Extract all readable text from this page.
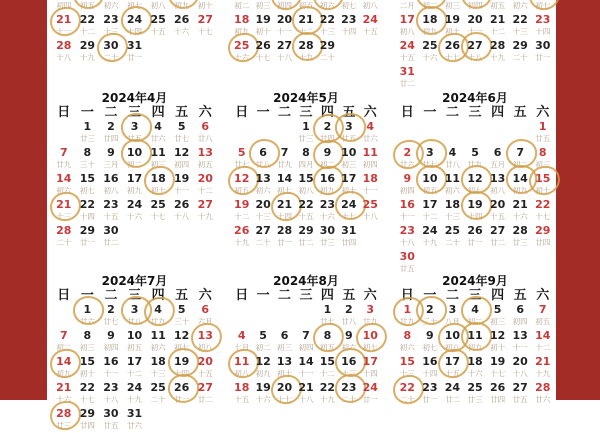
初四 初五 初六 初七 初八 初九 初十
21
十一
22
十二
23
十三
24
十四
25
十五
26
十六
27
十七
28
十八
29
十九
30
二十
31
廿一
初二 初三 初四 初五 初六 初七 初八
18
初九
19
初十
20
十一
21
十二
22
十三
23
十四
24
十五
25
十六
26
十七
27
十八
28
十九
29
二十
二月 初二 初三 初四 初五 初六 初七
17
初八
18
初九
19
初十
20
十一
21
十二
22
十三
23
十四
24
十五
25
十六
26
十七
27
十八
28
十九
29
二十
30
廿一
31
廿二
2024年4月
日 一 二 三 四 五 六
1
廿三
2
廿四
3
廿五
4
廿六
5
廿七
6
廿八
7
廿九
8
三十
9
三月
10
初二
11
初三
12
初四
13
初五
14
初六
15
初七
16
初八
17
初九
18
初十
19
十一
20
十二
21
十三
22
十四
23
十五
24
十六
25
十七
26
十八
27
十九
28
二十
29
廿一
30
廿二
2024年5月
日 一 二 三 四 五 六
1
廿三
2
廿四
3
廿五
4
廿六
5
廿七
6
廿八
7
廿九
8
四月
9
初二
10
初三
11
初四
12
初五
13
初六
14
初七
15
初八
16
初九
17
初十
18
十一
19
十二
20
十三
21
十四
22
十五
23
十六
24
十七
25
十八
26
十九
27
二十
28
廿一
29
廿二
30
廿三
31
廿四
2024年6月
日 一 二 三 四 五 六
1
廿五
2
廿六
3
廿七
4
廿八
5
廿九
6
五月
7
初二
8
初三
9
初四
10
初五
11
初六
12
初七
13
初八
14
初九
15
初十
16
十一
17
十二
18
十三
19
十四
20
十五
21
十六
22
十七
23
十八
24
十九
25
二十
26
廿一
27
廿二
28
廿三
29
廿四
30
廿五
2024年7月
日 一 二 三 四 五 六
1
廿六
2
廿七
3
廿八
4
廿九
5
三十
6
六月
7
初二
8
初三
9
初四
10
初五
11
初六
12
初七
13
初八
14
初九
15
初十
16
十一
17
十二
18
十三
19
十四
20
十五
21
十六
22
十七
23
十八
24
十九
25
二十
26
廿一
27
廿二
28
廿三
29
廿四
30
廿五
31
廿六
2024年8月
日 一 二 三 四 五 六
1
廿七
2
廿八
3
廿九
4
七月
5
初二
6
初三
7
初四
8
初五
9
初六
10
初七
11
初八
12
初九
13
初十
14
十一
15
十二
16
十三
17
十四
18
十五
19
十六
20
十七
21
十八
22
十九
23
二十
24
廿一
2024年9月
日 一 二 三 四 五 六
1
廿九
2
三十
3
八月
4
初二
5
初三
6
初四
7
初五
8
初六
9
初七
10
初八
11
初九
12
初十
13
十一
14
十二
15
十三
16
十四
17
十五
18
十六
19
十七
20
十八
21
十九
22
二十
23
廿一
24
廿二
25
廿三
26
廿四
27
廿五
28
廿六
